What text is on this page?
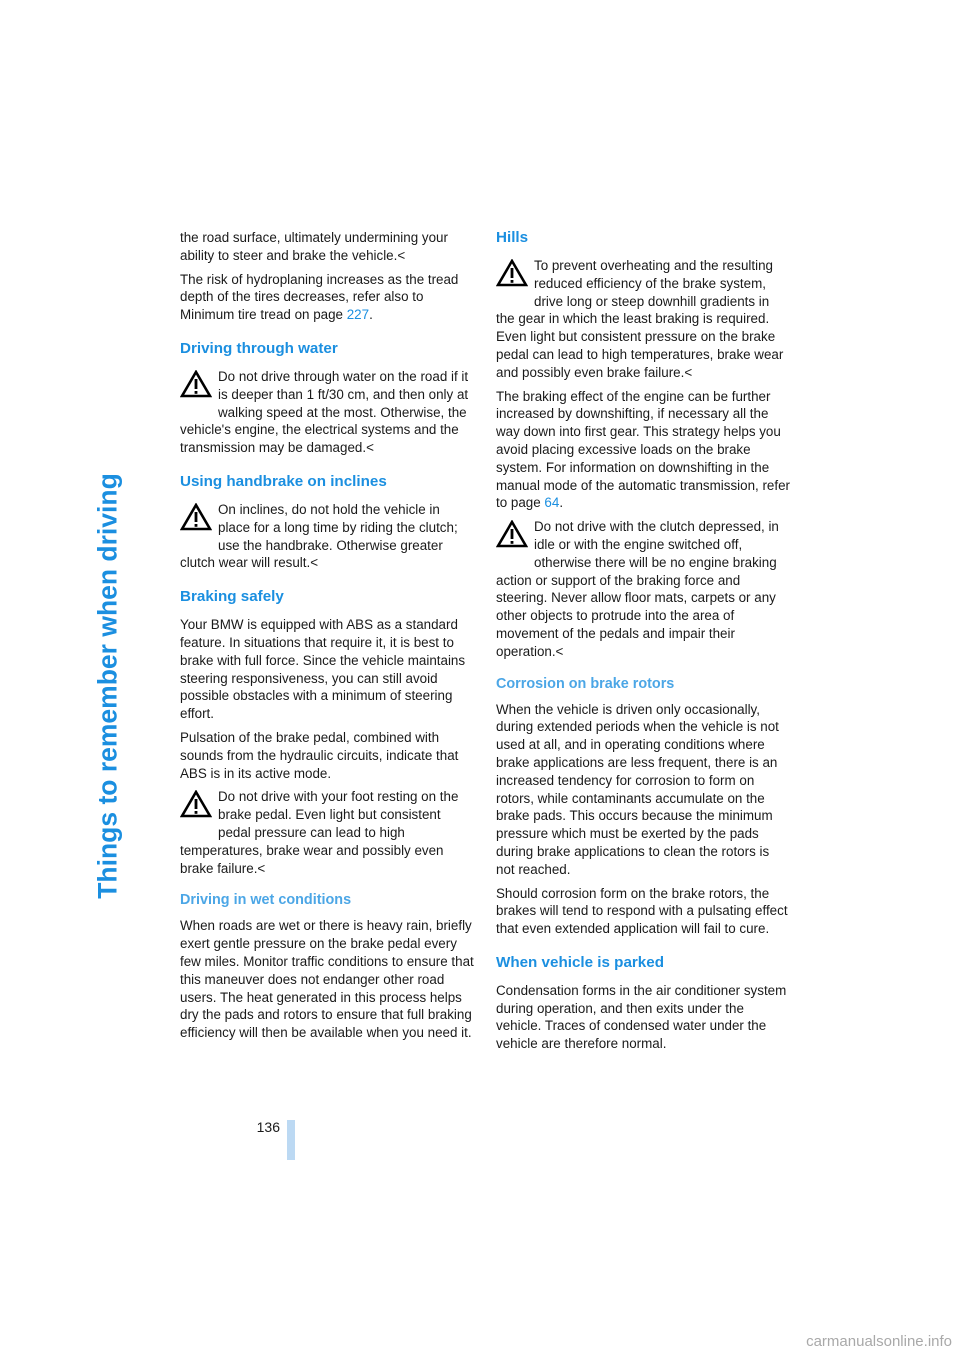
Things to remember when driving

the road surface, ultimately undermining your ability to steer and brake the vehicle.<

The risk of hydroplaning increases as the tread depth of the tires decreases, refer also to Minimum tire tread on page 227.

Driving through water
Do not drive through water on the road if it is deeper than 1 ft/30 cm, and then only at walking speed at the most. Otherwise, the vehicle's engine, the electrical systems and the transmission may be damaged.<
Using handbrake on inclines
On inclines, do not hold the vehicle in place for a long time by riding the clutch; use the handbrake. Otherwise greater clutch wear will result.<
Braking safely

Your BMW is equipped with ABS as a standard feature. In situations that require it, it is best to brake with full force. Since the vehicle maintains steering responsiveness, you can still avoid possible obstacles with a minimum of steering effort.

Pulsation of the brake pedal, combined with sounds from the hydraulic circuits, indicate that ABS is in its active mode.

Do not drive with your foot resting on the brake pedal. Even light but consistent pedal pressure can lead to high temperatures, brake wear and possibly even brake failure.<
Driving in wet conditions

When roads are wet or there is heavy rain, briefly exert gentle pressure on the brake pedal every few miles. Monitor traffic conditions to ensure that this maneuver does not endanger other road users. The heat generated in this process helps dry the pads and rotors to ensure that full braking efficiency will then be available when you need it.

Hills
To prevent overheating and the resulting reduced efficiency of the brake system, drive long or steep downhill gradients in the gear in which the least braking is required. Even light but consistent pressure on the brake pedal can lead to high temperatures, brake wear and possibly even brake failure.<

The braking effect of the engine can be further increased by downshifting, if necessary all the way down into first gear. This strategy helps you avoid placing excessive loads on the brake system. For information on downshifting in the manual mode of the automatic transmission, refer to page 64.

Do not drive with the clutch depressed, in idle or with the engine switched off, otherwise there will be no engine braking action or support of the braking force and steering. Never allow floor mats, carpets or any other objects to protrude into the area of movement of the pedals and impair their operation.<
Corrosion on brake rotors

When the vehicle is driven only occasionally, during extended periods when the vehicle is not used at all, and in operating conditions where brake applications are less frequent, there is an increased tendency for corrosion to form on rotors, while contaminants accumulate on the brake pads. This occurs because the minimum pressure which must be exerted by the pads during brake applications to clean the rotors is not reached.

Should corrosion form on the brake rotors, the brakes will tend to respond with a pulsating effect that even extended application will fail to cure.

When vehicle is parked

Condensation forms in the air conditioner system during operation, and then exits under the vehicle. Traces of condensed water under the vehicle are therefore normal.

136
carmanualsonline.info
